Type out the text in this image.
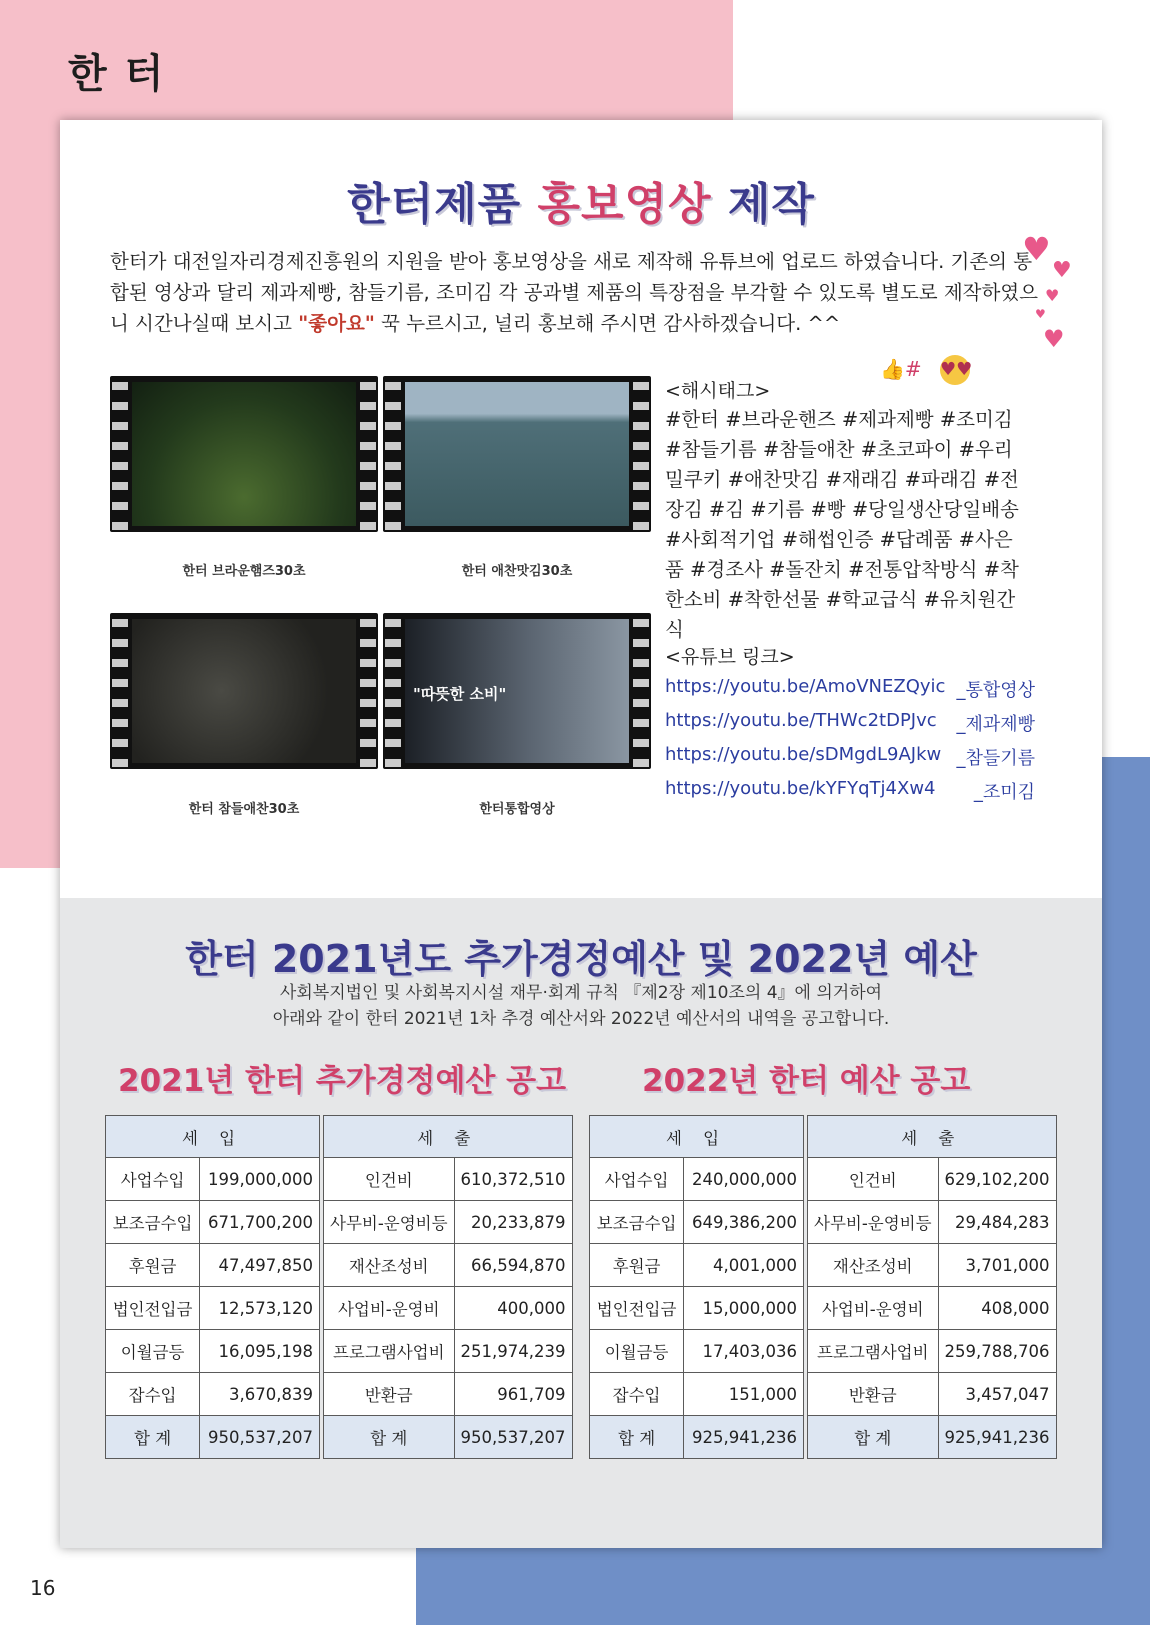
한 터
16
한터제품 홍보영상 제작
한터가 대전일자리경제진흥원의 지원을 받아 홍보영상을 새로 제작해 유튜브에 업로드 하였습니다. 기존의 통합된 영상과 달리 제과제빵, 참들기름, 조미김 각 공과별 제품의 특장점을 부각할 수 있도록 별도로 제작하였으니 시간나실때 보시고 "좋아요" 꾹 누르시고, 널리 홍보해 주시면 감사하겠습니다. ^^
♥
♥
♥
♥
♥
👍# ♥♥
한터 브라운햄즈30초	한터 애찬맛김30초
한터 참들애찬30초
"따뜻한 소비"
한터통합영상
<해시태그>
#한터 #브라운핸즈 #제과제빵 #조미김 #참들기름 #참들애찬 #초코파이 #우리밀쿠키 #애찬맛김 #재래김 #파래김 #전장김 #김 #기름 #빵 #당일생산당일배송 #사회적기업 #해썹인증 #답례품 #사은품 #경조사 #돌잔치 #전통압착방식 #착한소비 #착한선물 #학교급식 #유치원간식
<유튜브 링크>
https://youtu.be/AmoVNEZQyic _통합영상
https://youtu.be/THWc2tDPJvc _제과제빵
https://youtu.be/sDMgdL9AJkw _참들기름
https://youtu.be/kYFYqTj4Xw4 _조미김
한터 2021년도 추가경정예산 및 2022년 예산
사회복지법인 및 사회복지시설 재무·회계 규칙 『제2장 제10조의 4』에 의거하여
아래와 같이 한터 2021년 1차 추경 예산서와 2022년 예산서의 내역을 공고합니다.
2021년 한터 추가경정예산 공고 2022년 한터 예산 공고
세 입	
사업수입	199,000,000
보조금수입	671,700,200
후원금	47,497,850
법인전입금	12,573,120
이월금등	16,095,198
잡수입	3,670,839
합 계	950,537,207
세 출	
인건비	610,372,510
사무비-운영비등	20,233,879
재산조성비	66,594,870
사업비-운영비	400,000
프로그램사업비	251,974,239
반환금	961,709
합 계	950,537,207
세 입	
사업수입	240,000,000
보조금수입	649,386,200
후원금	4,001,000
법인전입금	15,000,000
이월금등	17,403,036
잡수입	151,000
합 계	925,941,236
세 출	
인건비	629,102,200
사무비-운영비등	29,484,283
재산조성비	3,701,000
사업비-운영비	408,000
프로그램사업비	259,788,706
반환금	3,457,047
합 계	925,941,236
